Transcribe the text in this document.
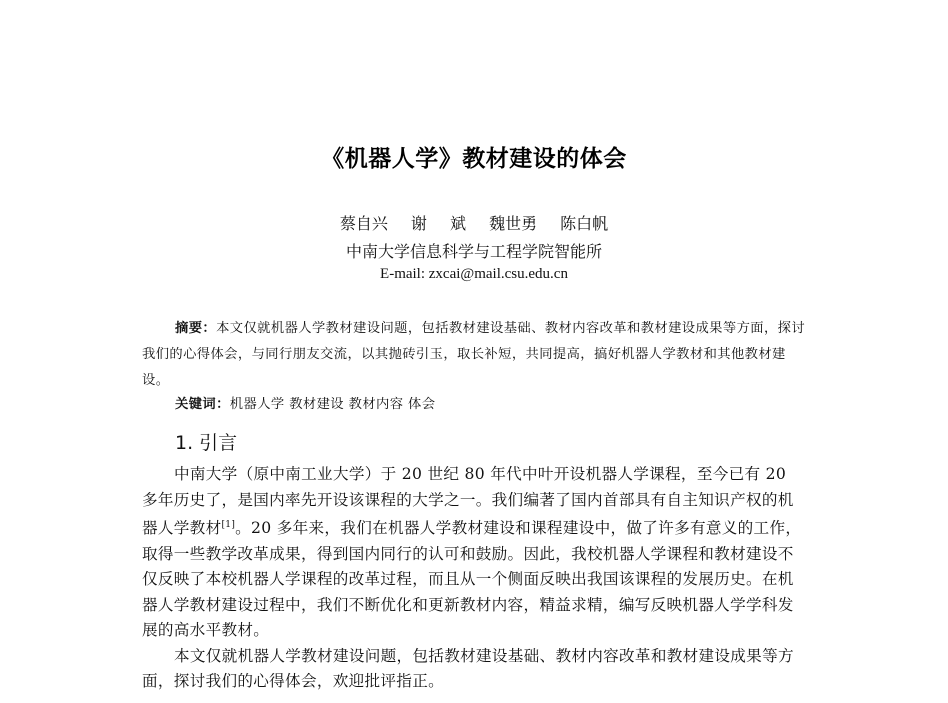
《机器人学》教材建设的体会
蔡自兴 谢 斌 魏世勇 陈白帆
中南大学信息科学与工程学院智能所
E-mail: zxcai@mail.csu.edu.cn
摘要：本文仅就机器人学教材建设问题，包括教材建设基础、教材内容改革和教材建设成果等方面，探讨我们的心得体会，与同行朋友交流，以其抛砖引玉，取长补短，共同提高，搞好机器人学教材和其他教材建设。
关键词：机器人学 教材建设 教材内容 体会
1. 引言

中南大学（原中南工业大学）于 20 世纪 80 年代中叶开设机器人学课程，至今已有 20 多年历史了，是国内率先开设该课程的大学之一。我们编著了国内首部具有自主知识产权的机器人学教材[1]。20 多年来，我们在机器人学教材建设和课程建设中，做了许多有意义的工作，取得一些教学改革成果，得到国内同行的认可和鼓励。因此，我校机器人学课程和教材建设不仅反映了本校机器人学课程的改革过程，而且从一个侧面反映出我国该课程的发展历史。在机器人学教材建设过程中，我们不断优化和更新教材内容，精益求精，编写反映机器人学学科发展的高水平教材。

本文仅就机器人学教材建设问题，包括教材建设基础、教材内容改革和教材建设成果等方面，探讨我们的心得体会，欢迎批评指正。
